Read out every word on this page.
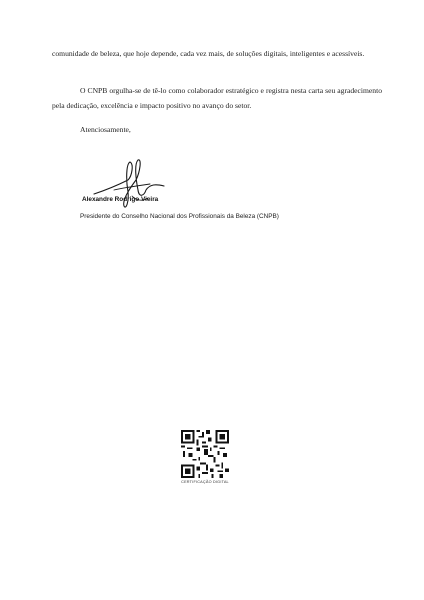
comunidade de beleza, que hoje depende, cada vez mais, de soluções digitais, inteligentes e acessíveis.

O CNPB orgulha-se de tê-lo como colaborador estratégico e registra nesta carta seu agradecimento pela dedicação, excelência e impacto positivo no avanço do setor.

Atenciosamente,
Alexandre Rodrigo Vieira
Presidente do Conselho Nacional dos Profissionais da Beleza (CNPB)
CERTIFICAÇÃO DIGITAL
